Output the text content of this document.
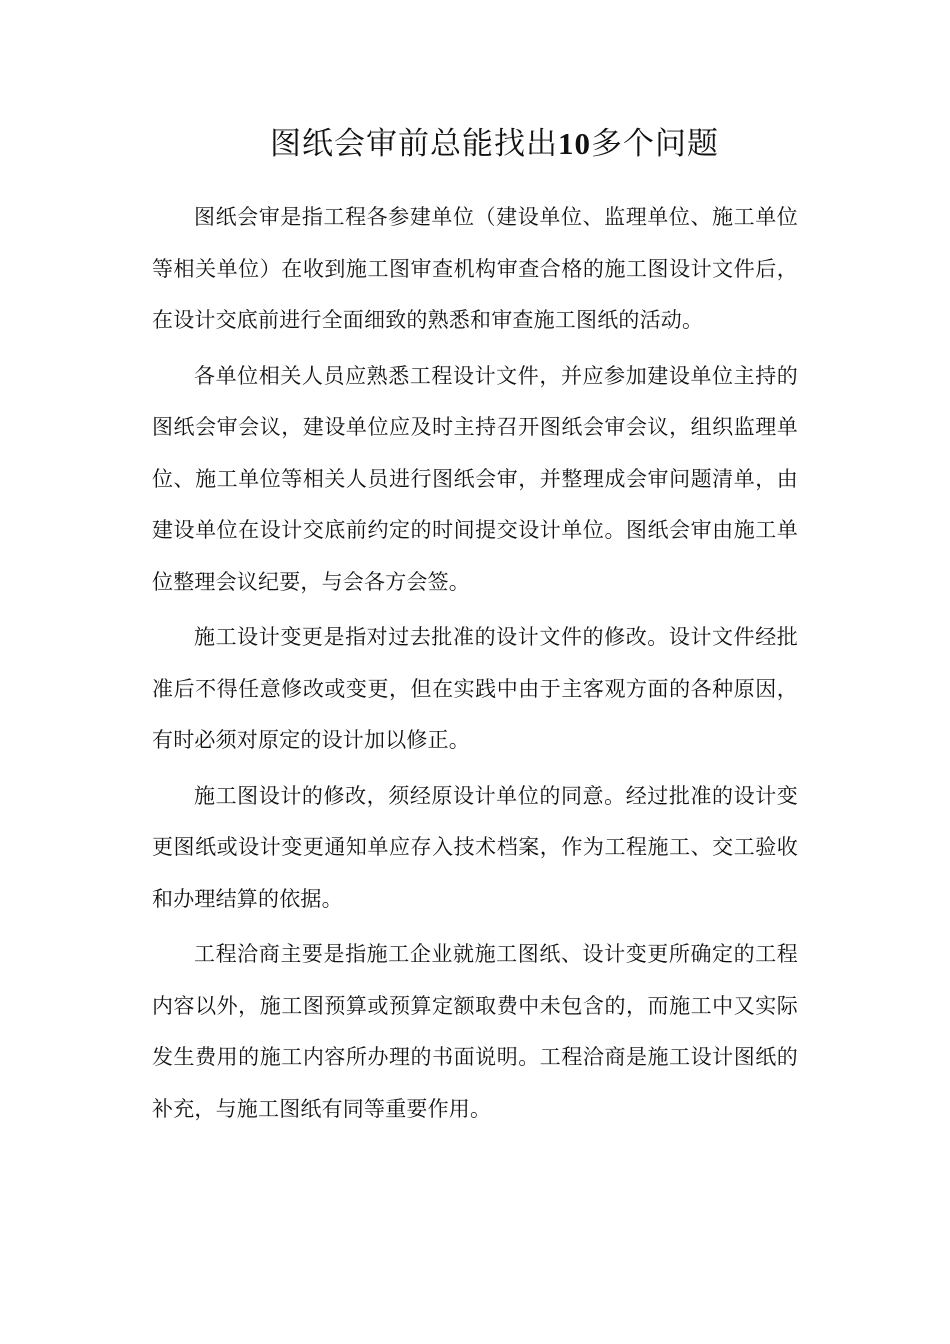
图纸会审前总能找出10多个问题

图纸会审是指工程各参建单位（建设单位、监理单位、施工单位等相关单位）在收到施工图审查机构审查合格的施工图设计文件后，在设计交底前进行全面细致的熟悉和审查施工图纸的活动。

各单位相关人员应熟悉工程设计文件，并应参加建设单位主持的图纸会审会议，建设单位应及时主持召开图纸会审会议，组织监理单位、施工单位等相关人员进行图纸会审，并整理成会审问题清单，由建设单位在设计交底前约定的时间提交设计单位。图纸会审由施工单位整理会议纪要，与会各方会签。

施工设计变更是指对过去批准的设计文件的修改。设计文件经批准后不得任意修改或变更，但在实践中由于主客观方面的各种原因，有时必须对原定的设计加以修正。

施工图设计的修改，须经原设计单位的同意。经过批准的设计变更图纸或设计变更通知单应存入技术档案，作为工程施工、交工验收和办理结算的依据。

工程洽商主要是指施工企业就施工图纸、设计变更所确定的工程内容以外，施工图预算或预算定额取费中未包含的，而施工中又实际发生费用的施工内容所办理的书面说明。工程洽商是施工设计图纸的补充，与施工图纸有同等重要作用。
